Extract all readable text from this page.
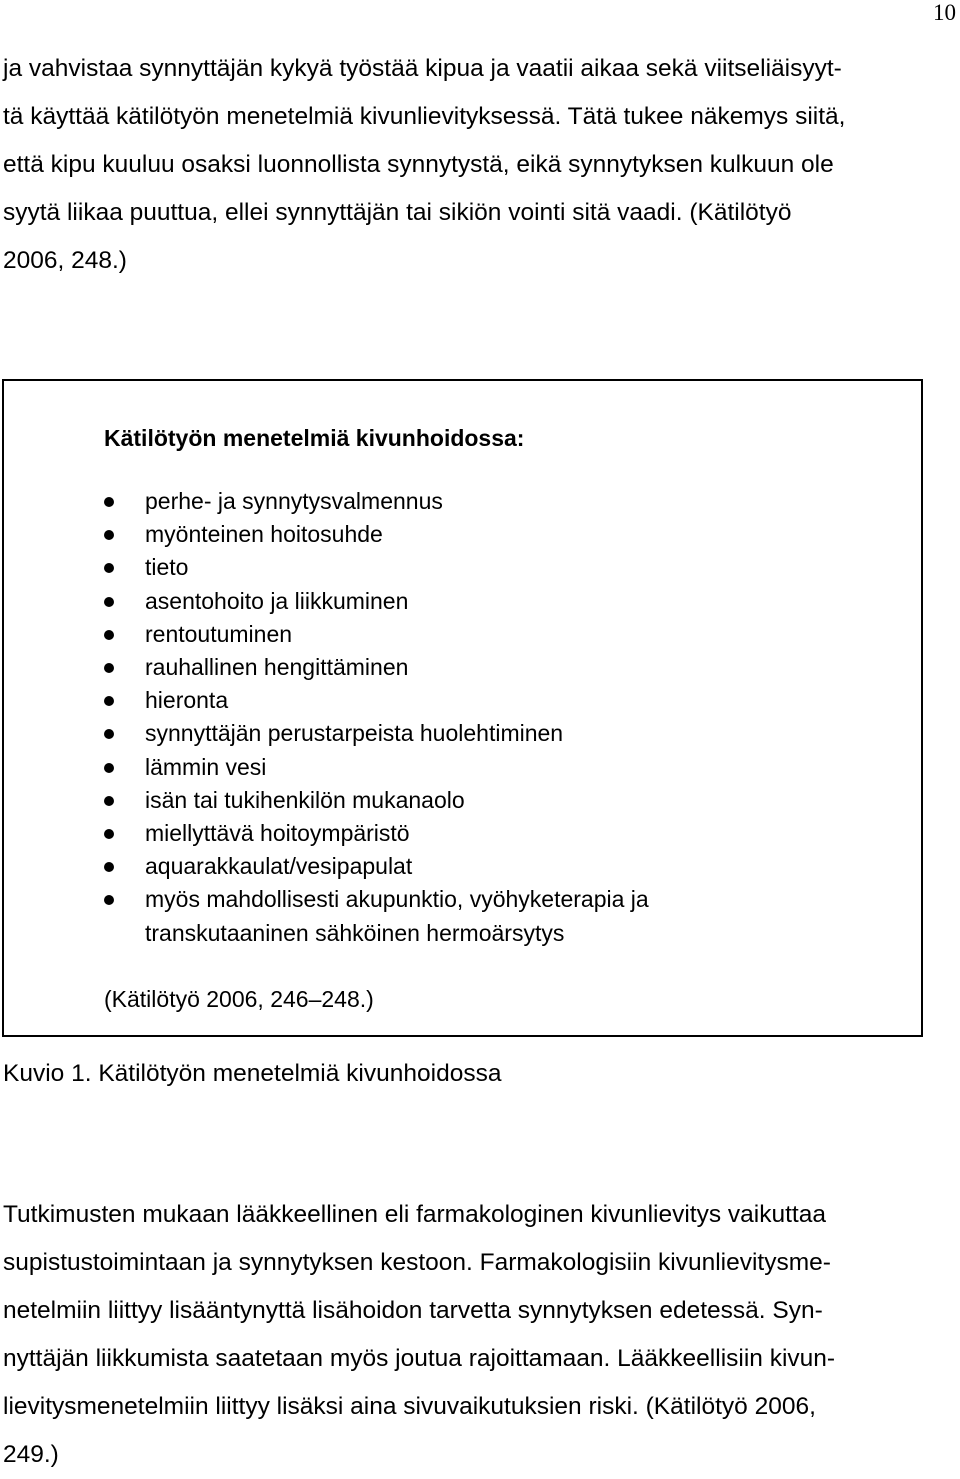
10
ja vahvistaa synnyttäjän kykyä työstää kipua ja vaatii aikaa sekä viitseliäisyyt-
tä käyttää kätilötyön menetelmiä kivunlievityksessä. Tätä tukee näkemys siitä,
että kipu kuuluu osaksi luonnollista synnytystä, eikä synnytyksen kulkuun ole
syytä liikaa puuttua, ellei synnyttäjän tai sikiön vointi sitä vaadi. (Kätilötyö
2006, 248.)
Kätilötyön menetelmiä kivunhoidossa:
perhe- ja synnytysvalmennus
myönteinen hoitosuhde
tieto
asentohoito ja liikkuminen
rentoutuminen
rauhallinen hengittäminen
hieronta
synnyttäjän perustarpeista huolehtiminen
lämmin vesi
isän tai tukihenkilön mukanaolo
miellyttävä hoitoympäristö
aquarakkaulat/vesipapulat
myös mahdollisesti akupunktio, vyöhyketerapia ja
transkutaaninen sähköinen hermoärsytys
(Kätilötyö 2006, 246–248.)
Kuvio 1. Kätilötyön menetelmiä kivunhoidossa
Tutkimusten mukaan lääkkeellinen eli farmakologinen kivunlievitys vaikuttaa
supistustoimintaan ja synnytyksen kestoon. Farmakologisiin kivunlievitysme-
netelmiin liittyy lisääntynyttä lisähoidon tarvetta synnytyksen edetessä. Syn-
nyttäjän liikkumista saatetaan myös joutua rajoittamaan. Lääkkeellisiin kivun-
lievitysmenetelmiin liittyy lisäksi aina sivuvaikutuksien riski. (Kätilötyö 2006,
249.)
